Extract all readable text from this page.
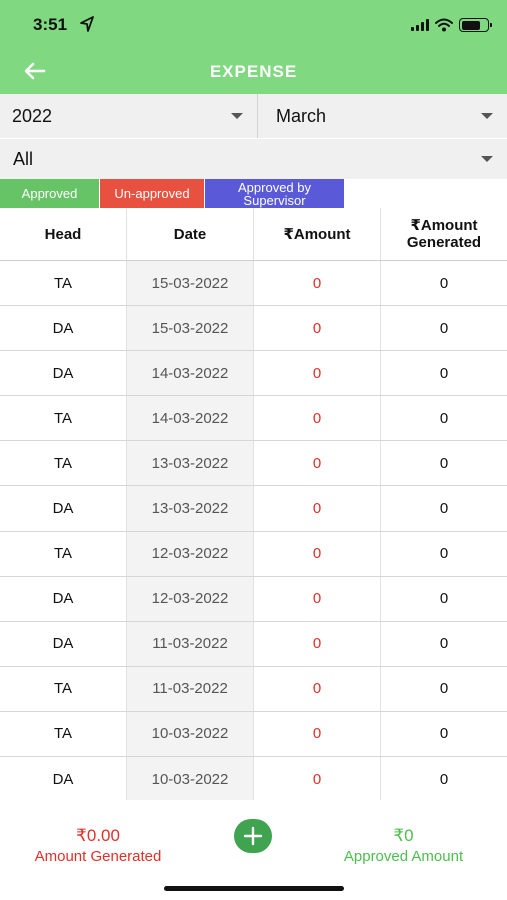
3:51
EXPENSE
2022	March
All
Approved	Un-approved	Approved by Supervisor
Head	Date	₹Amount	₹Amount Generated
TA	15-03-2022	0	0
DA	15-03-2022	0	0
DA	14-03-2022	0	0
TA	14-03-2022	0	0
TA	13-03-2022	0	0
DA	13-03-2022	0	0
TA	12-03-2022	0	0
DA	12-03-2022	0	0
DA	11-03-2022	0	0
TA	11-03-2022	0	0
TA	10-03-2022	0	0
DA	10-03-2022	0	0
₹0.00
Amount Generated
₹0
Approved Amount
